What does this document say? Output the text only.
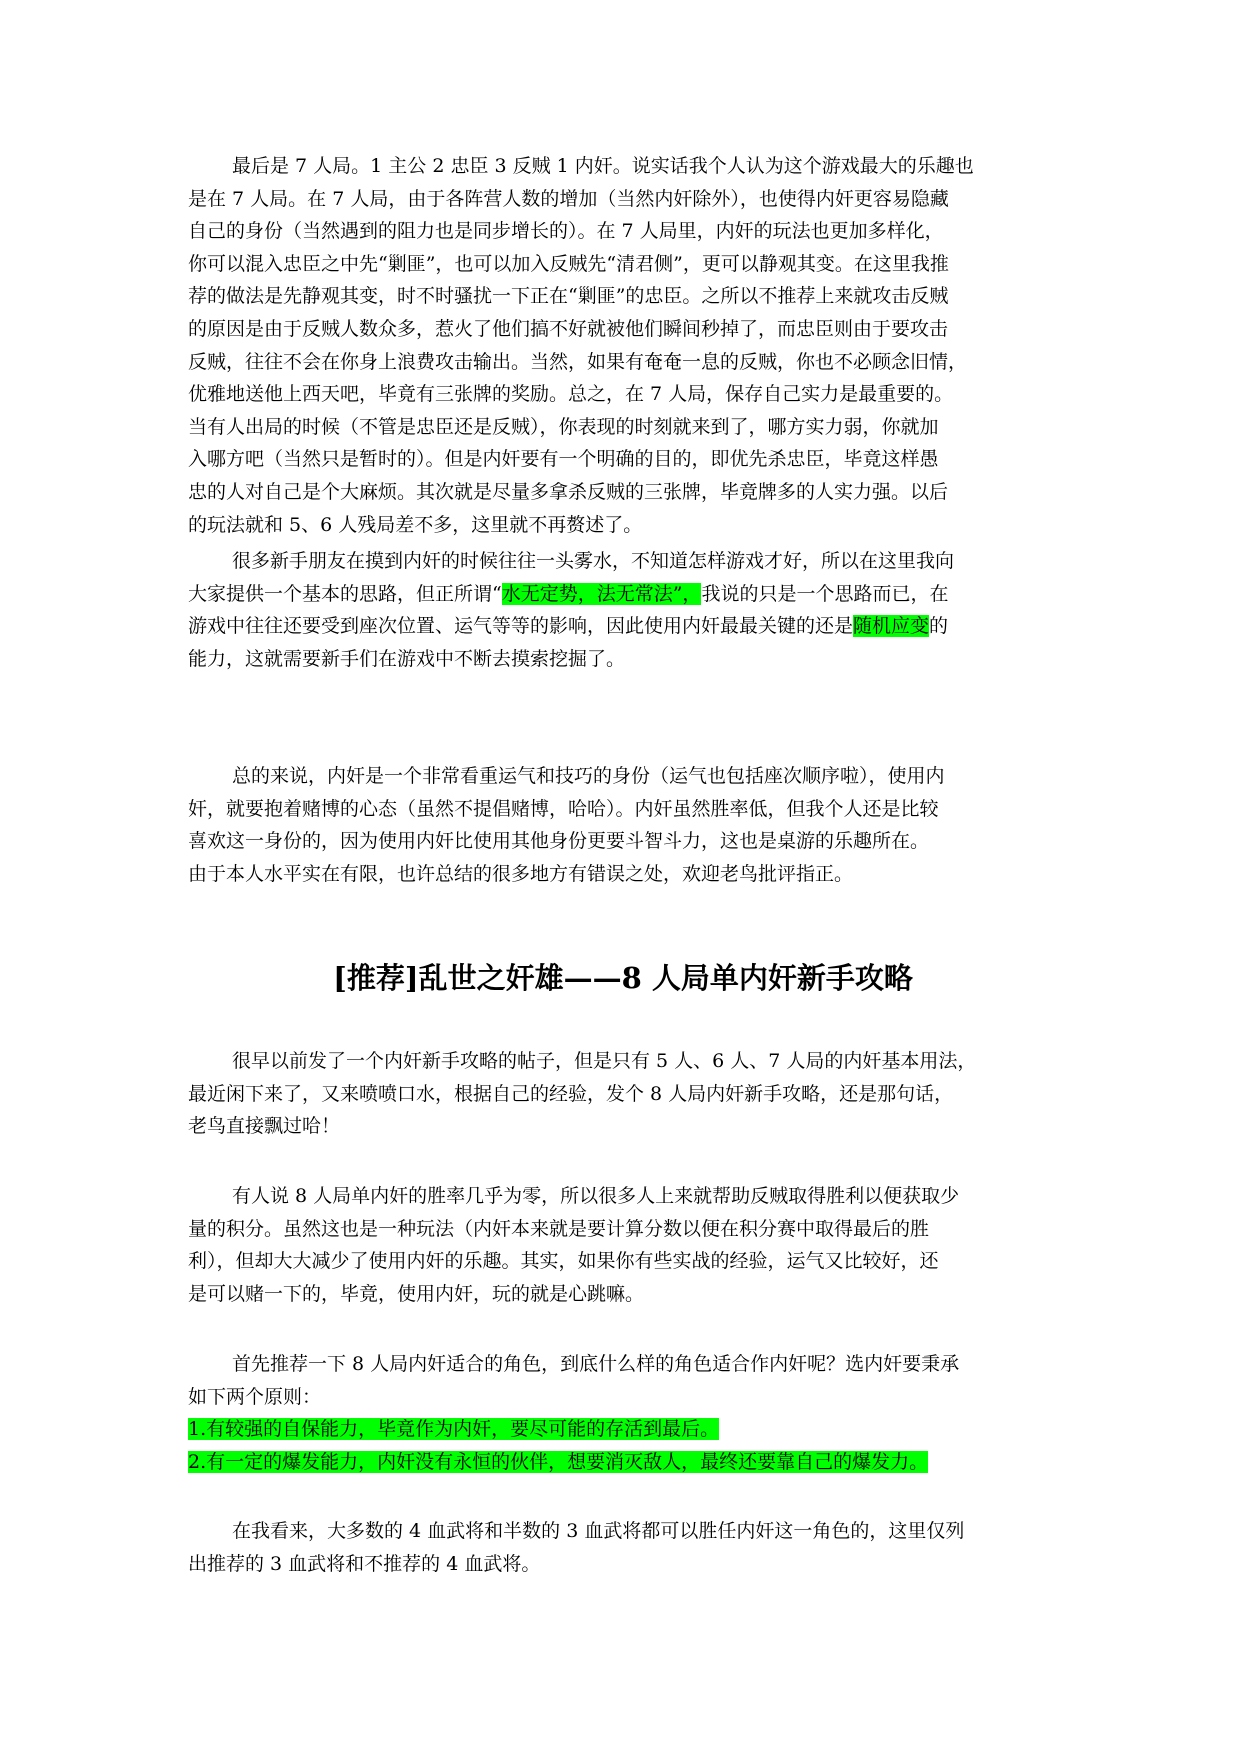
最后是 7 人局。1 主公 2 忠臣 3 反贼 1 内奸。说实话我个人认为这个游戏最大的乐趣也
是在 7 人局。在 7 人局，由于各阵营人数的增加（当然内奸除外），也使得内奸更容易隐藏
自己的身份（当然遇到的阻力也是同步增长的）。在 7 人局里，内奸的玩法也更加多样化，
你可以混入忠臣之中先“剿匪”，也可以加入反贼先“清君侧”，更可以静观其变。在这里我推
荐的做法是先静观其变，时不时骚扰一下正在“剿匪”的忠臣。之所以不推荐上来就攻击反贼
的原因是由于反贼人数众多，惹火了他们搞不好就被他们瞬间秒掉了，而忠臣则由于要攻击
反贼，往往不会在你身上浪费攻击输出。当然，如果有奄奄一息的反贼，你也不必顾念旧情，
优雅地送他上西天吧，毕竟有三张牌的奖励。总之，在 7 人局，保存自己实力是最重要的。
当有人出局的时候（不管是忠臣还是反贼），你表现的时刻就来到了，哪方实力弱，你就加
入哪方吧（当然只是暂时的）。但是内奸要有一个明确的目的，即优先杀忠臣，毕竟这样愚
忠的人对自己是个大麻烦。其次就是尽量多拿杀反贼的三张牌，毕竟牌多的人实力强。以后
的玩法就和 5、6 人残局差不多，这里就不再赘述了。
很多新手朋友在摸到内奸的时候往往一头雾水，不知道怎样游戏才好，所以在这里我向
大家提供一个基本的思路，但正所谓“水无定势，法无常法”，我说的只是一个思路而已，在
游戏中往往还要受到座次位置、运气等等的影响，因此使用内奸最最关键的还是随机应变的
能力，这就需要新手们在游戏中不断去摸索挖掘了。
总的来说，内奸是一个非常看重运气和技巧的身份（运气也包括座次顺序啦），使用内
奸，就要抱着赌博的心态（虽然不提倡赌博，哈哈）。内奸虽然胜率低，但我个人还是比较
喜欢这一身份的，因为使用内奸比使用其他身份更要斗智斗力，这也是桌游的乐趣所在。
由于本人水平实在有限，也许总结的很多地方有错误之处，欢迎老鸟批评指正。
[推荐]乱世之奸雄——8 人局单内奸新手攻略
很早以前发了一个内奸新手攻略的帖子，但是只有 5 人、6 人、7 人局的内奸基本用法，
最近闲下来了，又来喷喷口水，根据自己的经验，发个 8 人局内奸新手攻略，还是那句话，
老鸟直接飘过哈！
有人说 8 人局单内奸的胜率几乎为零，所以很多人上来就帮助反贼取得胜利以便获取少
量的积分。虽然这也是一种玩法（内奸本来就是要计算分数以便在积分赛中取得最后的胜
利），但却大大减少了使用内奸的乐趣。其实，如果你有些实战的经验，运气又比较好，还
是可以赌一下的，毕竟，使用内奸，玩的就是心跳嘛。
首先推荐一下 8 人局内奸适合的角色，到底什么样的角色适合作内奸呢？选内奸要秉承
如下两个原则：
1.有较强的自保能力，毕竟作为内奸，要尽可能的存活到最后。
2.有一定的爆发能力，内奸没有永恒的伙伴，想要消灭敌人，最终还要靠自己的爆发力。
在我看来，大多数的 4 血武将和半数的 3 血武将都可以胜任内奸这一角色的，这里仅列
出推荐的 3 血武将和不推荐的 4 血武将。
